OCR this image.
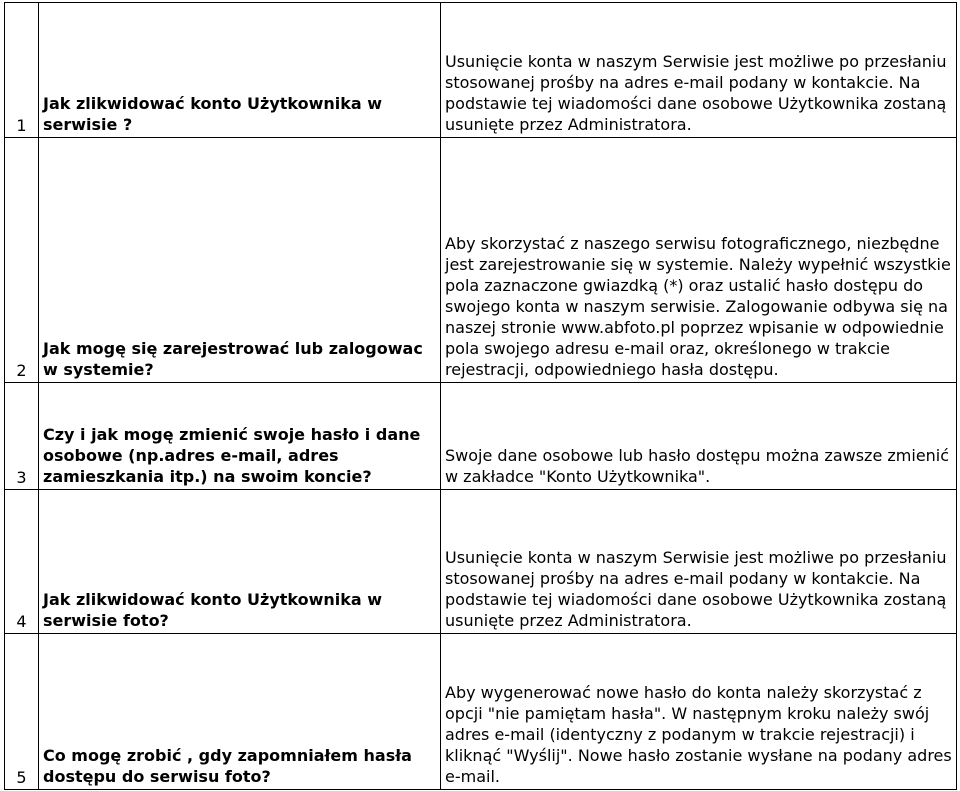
1	Jak zlikwidować konto Użytkownika w serwisie ?	Usunięcie konta w naszym Serwisie jest możliwe po przesłaniu stosowanej prośby na adres e-mail podany w kontakcie. Na podstawie tej wiadomości dane osobowe Użytkownika zostaną usunięte przez Administratora.

2	Jak mogę się zarejestrować lub zalogowac w systemie?	Aby skorzystać z naszego serwisu fotograficznego, niezbędne jest zarejestrowanie się w systemie. Należy wypełnić wszystkie pola zaznaczone gwiazdką (*) oraz ustalić hasło dostępu do swojego konta w naszym serwisie. Zalogowanie odbywa się na naszej stronie www.abfoto.pl poprzez wpisanie w odpowiednie pola swojego adresu e-mail oraz, określonego w trakcie rejestracji, odpowiedniego hasła dostępu.

3	Czy i jak mogę zmienić swoje hasło i dane osobowe (np.adres e-mail, adres zamieszkania itp.) na swoim koncie?	Swoje dane osobowe lub hasło dostępu można zawsze zmienić w zakładce "Konto Użytkownika".

4	Jak zlikwidować konto Użytkownika w serwisie foto?	Usunięcie konta w naszym Serwisie jest możliwe po przesłaniu stosowanej prośby na adres e-mail podany w kontakcie. Na podstawie tej wiadomości dane osobowe Użytkownika zostaną usunięte przez Administratora.

5	Co mogę zrobić , gdy zapomniałem hasła dostępu do serwisu foto?	Aby wygenerować nowe hasło do konta należy skorzystać z opcji "nie pamiętam hasła". W następnym kroku należy swój adres e-mail (identyczny z podanym w trakcie rejestracji) i kliknąć "Wyślij". Nowe hasło zostanie wysłane na podany adres e-mail.
